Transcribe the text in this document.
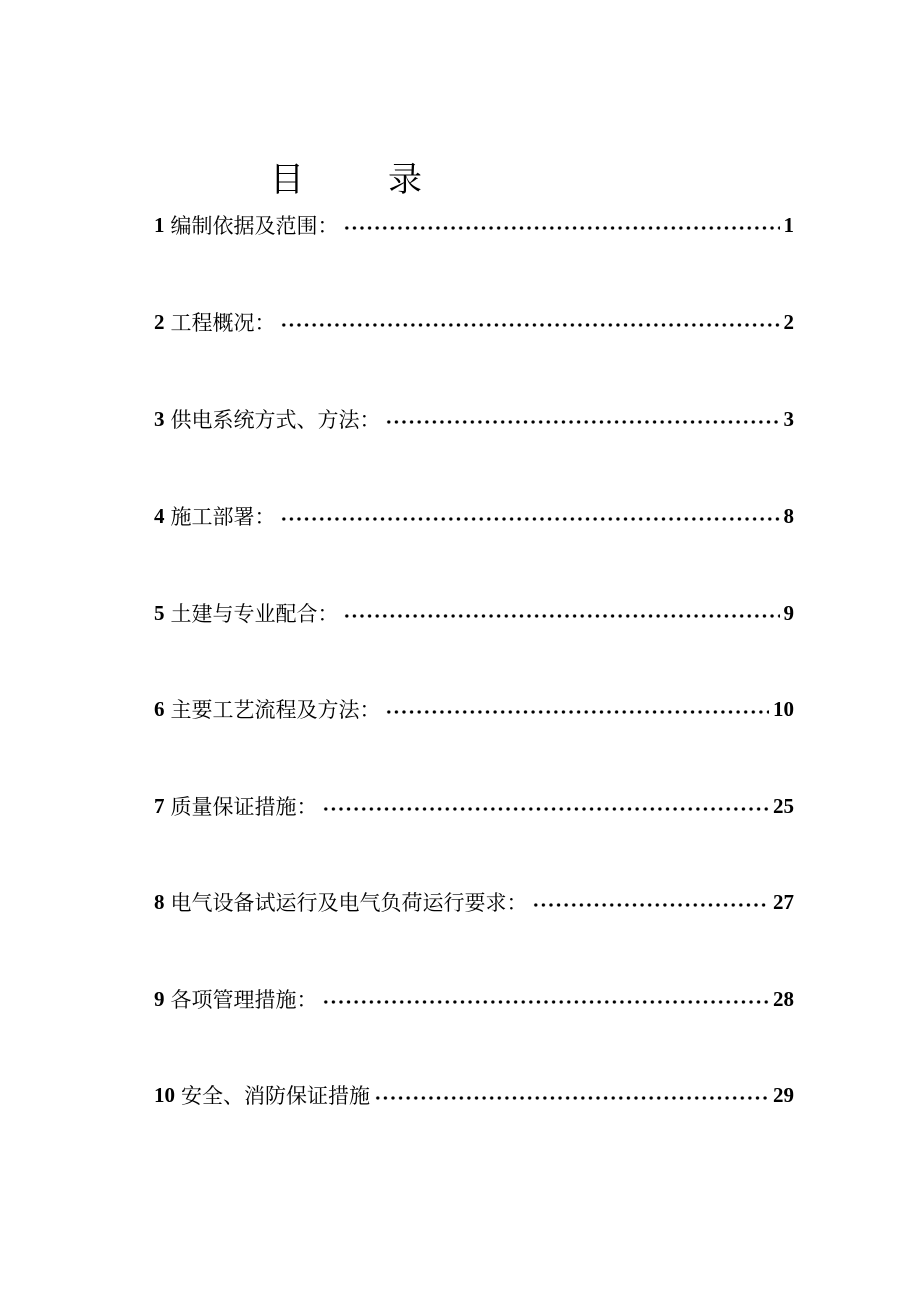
目 录
1 编制依据及范围：	1
2 工程概况：	2
3 供电系统方式、方法：	3
4 施工部署：	8
5 土建与专业配合：	9
6 主要工艺流程及方法：	10
7 质量保证措施：	25
8 电气设备试运行及电气负荷运行要求：	27
9 各项管理措施：	28
10 安全、消防保证措施	29
